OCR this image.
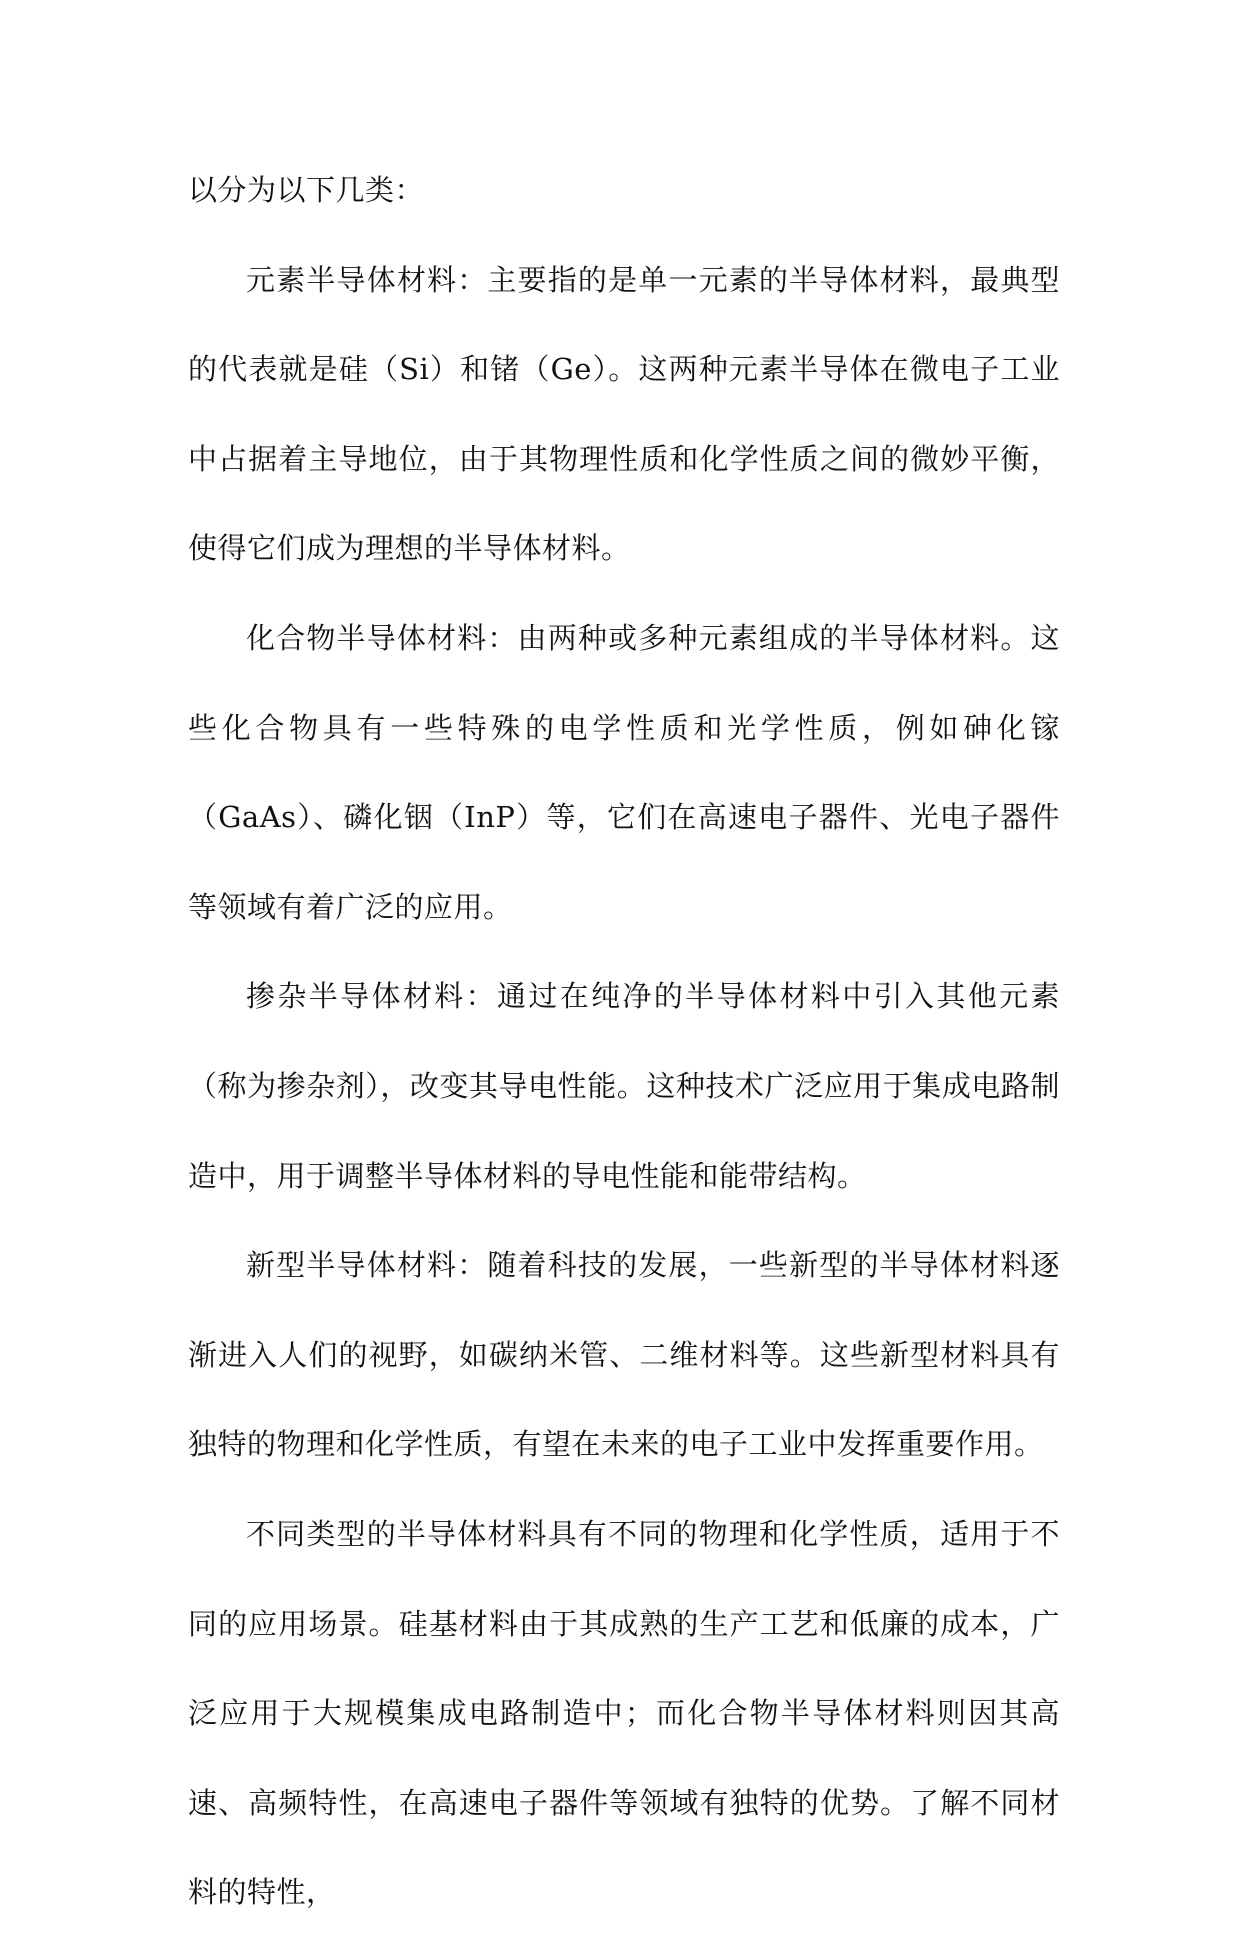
以分为以下几类：

元素半导体材料：主要指的是单一元素的半导体材料，最典型的代表就是硅（Si）和锗（Ge）。这两种元素半导体在微电子工业中占据着主导地位，由于其物理性质和化学性质之间的微妙平衡，使得它们成为理想的半导体材料。

化合物半导体材料：由两种或多种元素组成的半导体材料。这些化合物具有一些特殊的电学性质和光学性质，例如砷化镓（GaAs）、磷化铟（InP）等，它们在高速电子器件、光电子器件等领域有着广泛的应用。

掺杂半导体材料：通过在纯净的半导体材料中引入其他元素（称为掺杂剂），改变其导电性能。这种技术广泛应用于集成电路制造中，用于调整半导体材料的导电性能和能带结构。

新型半导体材料：随着科技的发展，一些新型的半导体材料逐渐进入人们的视野，如碳纳米管、二维材料等。这些新型材料具有独特的物理和化学性质，有望在未来的电子工业中发挥重要作用。

不同类型的半导体材料具有不同的物理和化学性质，适用于不同的应用场景。硅基材料由于其成熟的生产工艺和低廉的成本，广泛应用于大规模集成电路制造中；而化合物半导体材料则因其高速、高频特性，在高速电子器件等领域有独特的优势。了解不同材料的特性，
